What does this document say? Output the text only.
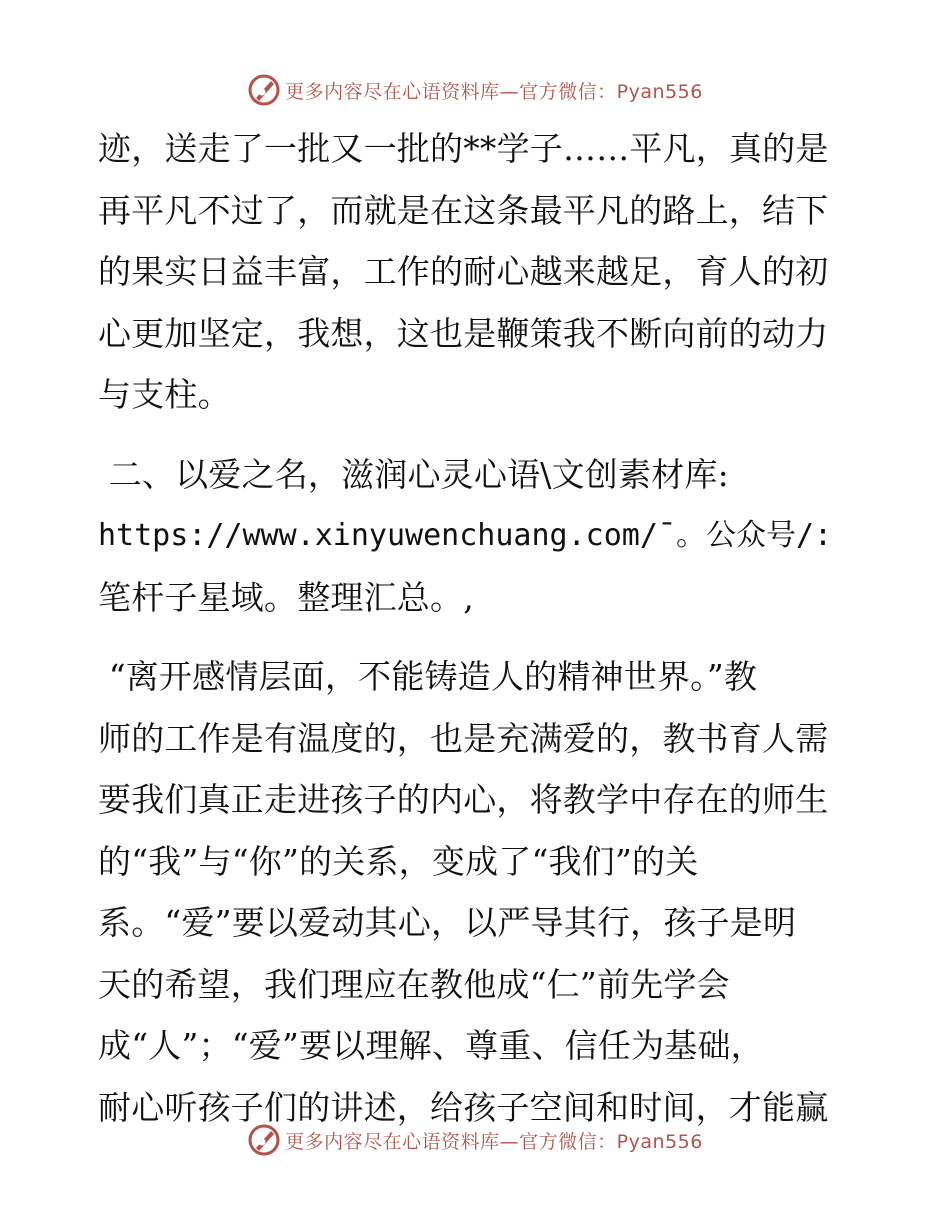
更多内容尽在心语资料库—官方微信：Pyan556
迹，送走了一批又一批的**学子……平凡，真的是
再平凡不过了，而就是在这条最平凡的路上，结下
的果实日益丰富，工作的耐心越来越足，育人的初
心更加坚定，我想，这也是鞭策我不断向前的动力
与支柱。
二、以爱之名，滋润心灵心语\文创素材库:
https://www.xinyuwenchuang.com/¯。公众号/:
笔杆子星域。整理汇总。,
“离开感情层面，不能铸造人的精神世界。”教
师的工作是有温度的，也是充满爱的，教书育人需
要我们真正走进孩子的内心，将教学中存在的师生
的“我”与“你”的关系，变成了“我们”的关
系。“爱”要以爱动其心，以严导其行，孩子是明
天的希望，我们理应在教他成“仁”前先学会
成“人”；“爱”要以理解、尊重、信任为基础，
耐心听孩子们的讲述，给孩子空间和时间，才能赢
更多内容尽在心语资料库—官方微信：Pyan556
